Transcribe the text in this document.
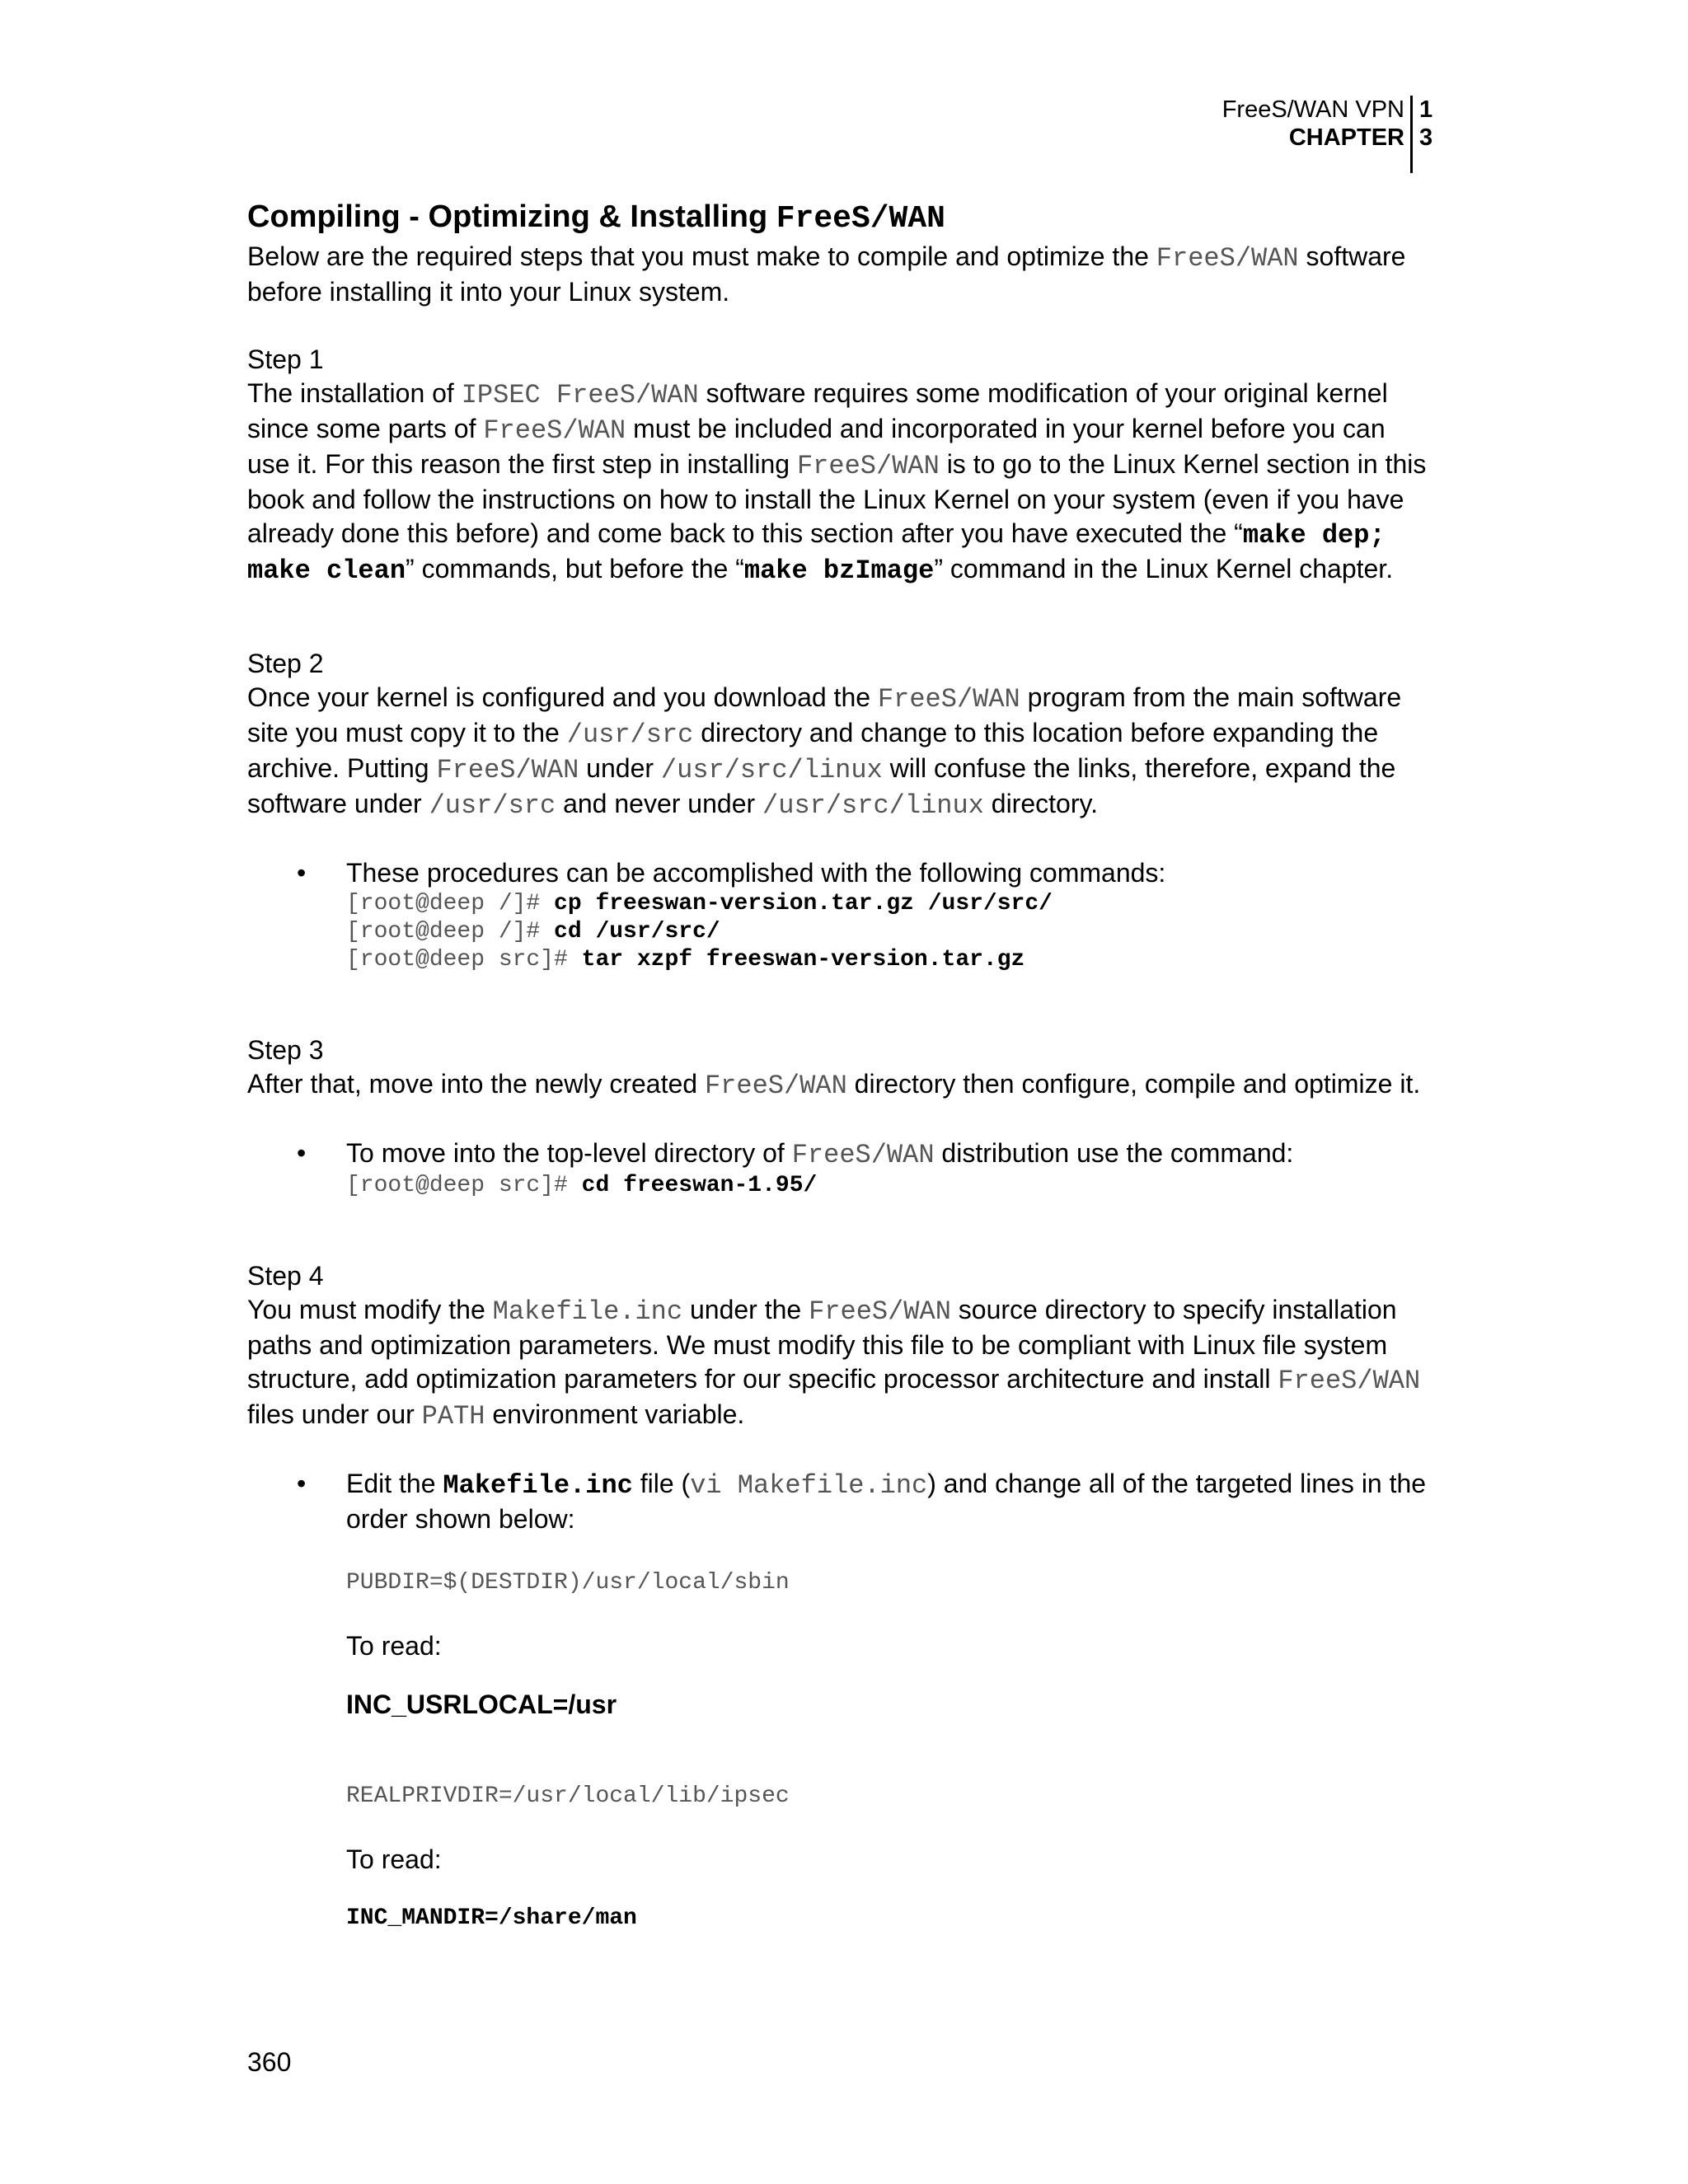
FreeS/WAN VPN
CHAPTER
1
3
Compiling - Optimizing & Installing FreeS/WAN

Below are the required steps that you must make to compile and optimize the FreeS/WAN software before installing it into your Linux system.

Step 1

The installation of IPSEC FreeS/WAN software requires some modification of your original kernel since some parts of FreeS/WAN must be included and incorporated in your kernel before you can use it. For this reason the first step in installing FreeS/WAN is to go to the Linux Kernel section in this book and follow the instructions on how to install the Linux Kernel on your system (even if you have already done this before) and come back to this section after you have executed the “make dep; make clean” commands, but before the “make bzImage” command in the Linux Kernel chapter.

Step 2

Once your kernel is configured and you download the FreeS/WAN program from the main software site you must copy it to the /usr/src directory and change to this location before expanding the archive. Putting FreeS/WAN under /usr/src/linux will confuse the links, therefore, expand the software under /usr/src and never under /usr/src/linux directory.

• These procedures can be accomplished with the following commands:

[root@deep /]# cp freeswan-version.tar.gz /usr/src/
[root@deep /]# cd /usr/src/
[root@deep src]# tar xzpf freeswan-version.tar.gz

Step 3

After that, move into the newly created FreeS/WAN directory then configure, compile and optimize it.

• To move into the top-level directory of FreeS/WAN distribution use the command:

[root@deep src]# cd freeswan-1.95/

Step 4

You must modify the Makefile.inc under the FreeS/WAN source directory to specify installation paths and optimization parameters. We must modify this file to be compliant with Linux file system structure, add optimization parameters for our specific processor architecture and install FreeS/WAN files under our PATH environment variable.

• Edit the Makefile.inc file (vi Makefile.inc) and change all of the targeted lines in the order shown below:

PUBDIR=$(DESTDIR)/usr/local/sbin

To read:

INC_USRLOCAL=/usr

REALPRIVDIR=/usr/local/lib/ipsec

To read:

INC_MANDIR=/share/man
360
